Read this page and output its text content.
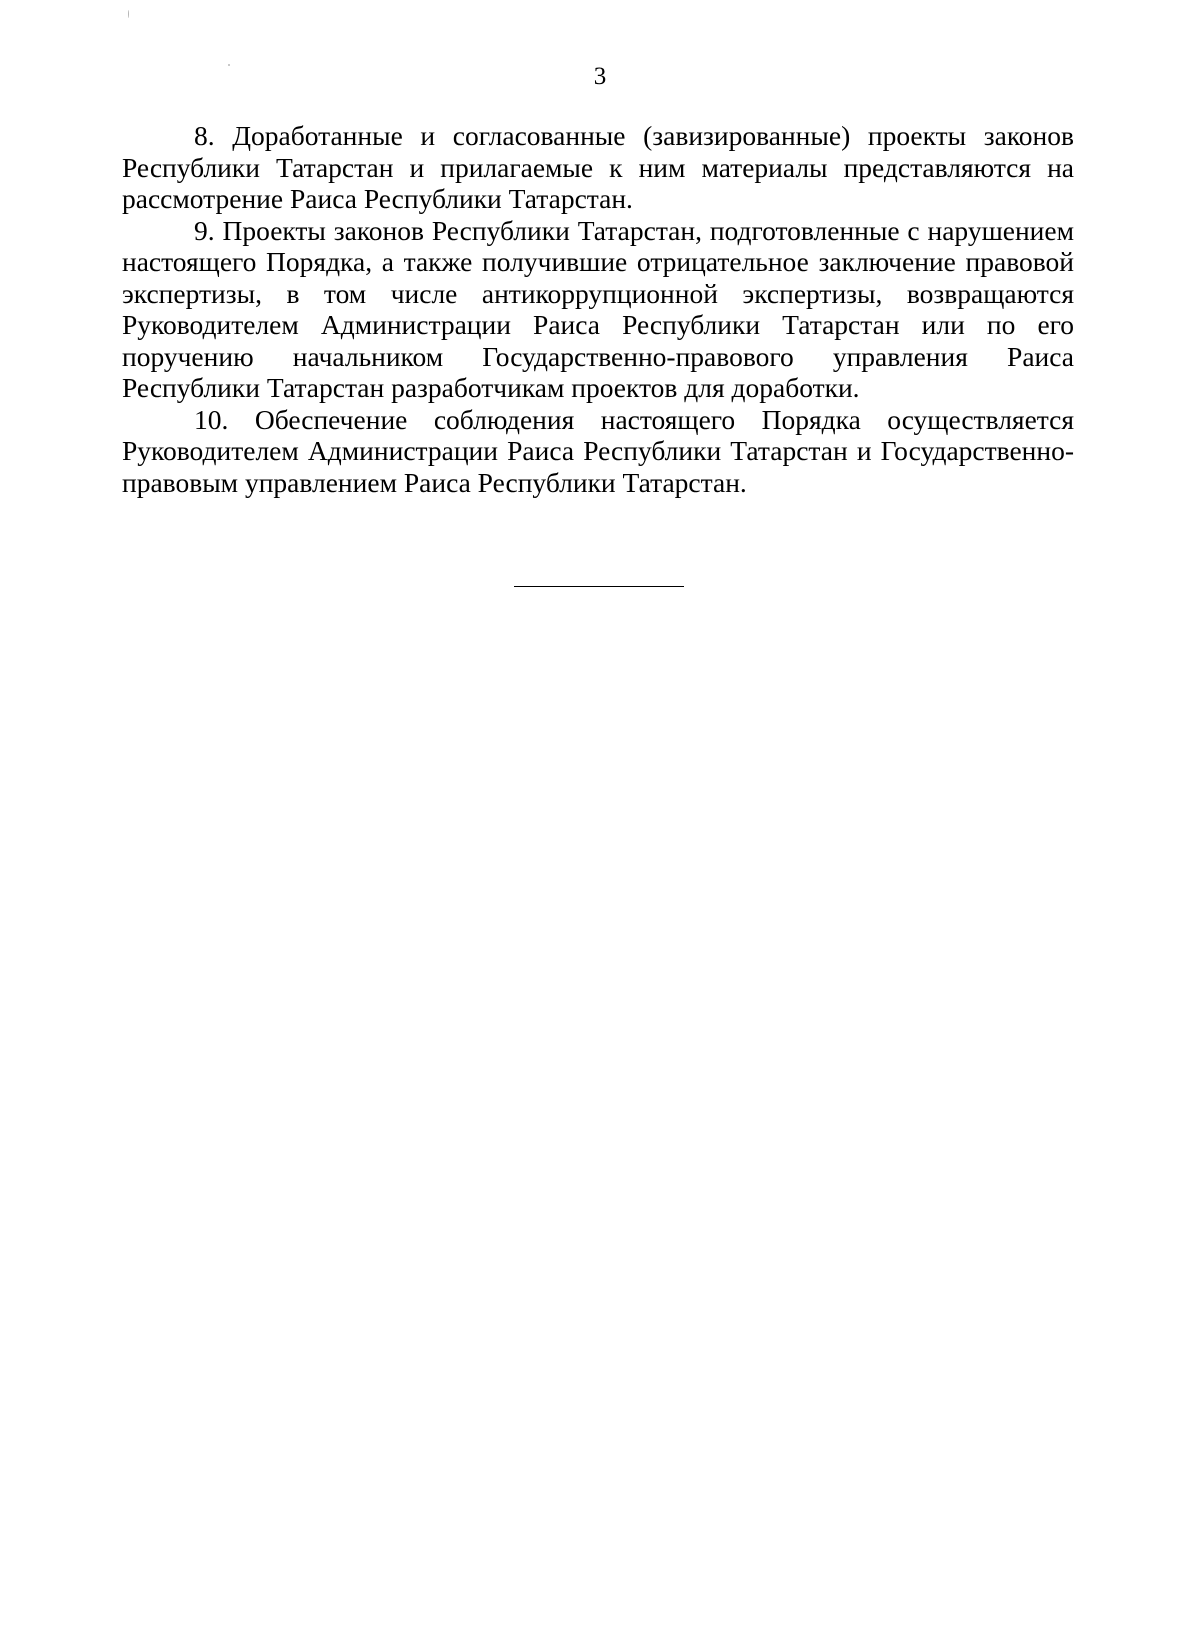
3

8. Доработанные и согласованные (завизированные) проекты законов Республики Татарстан и прилагаемые к ним материалы представляются на рассмотрение Раиса Республики Татарстан.

9. Проекты законов Республики Татарстан, подготовленные с нарушением настоящего Порядка, а также получившие отрицательное заключение правовой экспертизы, в том числе антикоррупционной экспертизы, возвращаются Руководителем Администрации Раиса Республики Татарстан или по его поручению начальником Государственно-правового управления Раиса Республики Татарстан разработчикам проектов для доработки.

10. Обеспечение соблюдения настоящего Порядка осуществляется Руководителем Администрации Раиса Республики Татарстан и Государственно-правовым управлением Раиса Республики Татарстан.
